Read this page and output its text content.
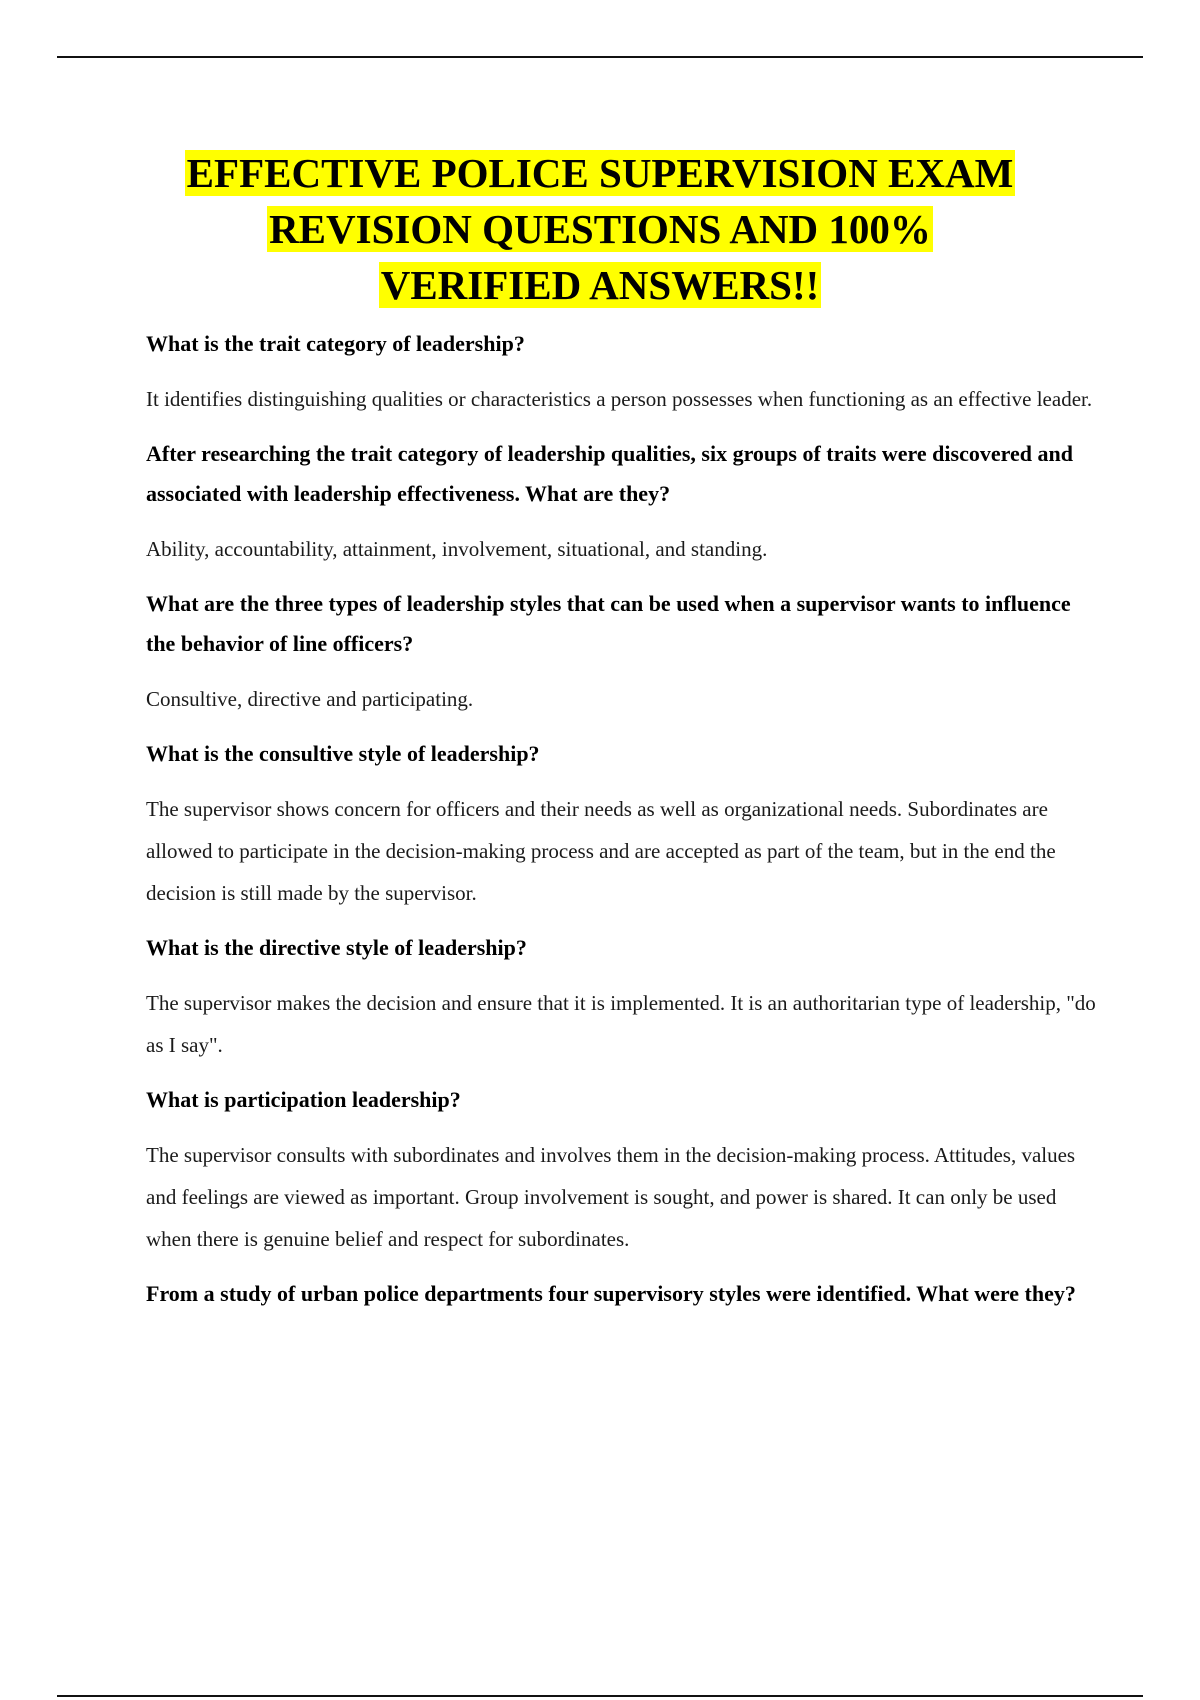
EFFECTIVE POLICE SUPERVISION EXAM
REVISION QUESTIONS AND 100%
VERIFIED ANSWERS!!

What is the trait category of leadership?

It identifies distinguishing qualities or characteristics a person possesses when functioning as an effective leader.

After researching the trait category of leadership qualities, six groups of traits were discovered and associated with leadership effectiveness. What are they?

Ability, accountability, attainment, involvement, situational, and standing.

What are the three types of leadership styles that can be used when a supervisor wants to influence the behavior of line officers?

Consultive, directive and participating.

What is the consultive style of leadership?

The supervisor shows concern for officers and their needs as well as organizational needs. Subordinates are allowed to participate in the decision-making process and are accepted as part of the team, but in the end the decision is still made by the supervisor.

What is the directive style of leadership?

The supervisor makes the decision and ensure that it is implemented. It is an authoritarian type of leadership, "do as I say".

What is participation leadership?

The supervisor consults with subordinates and involves them in the decision-making process. Attitudes, values and feelings are viewed as important. Group involvement is sought, and power is shared. It can only be used when there is genuine belief and respect for subordinates.

From a study of urban police departments four supervisory styles were identified. What were they?
